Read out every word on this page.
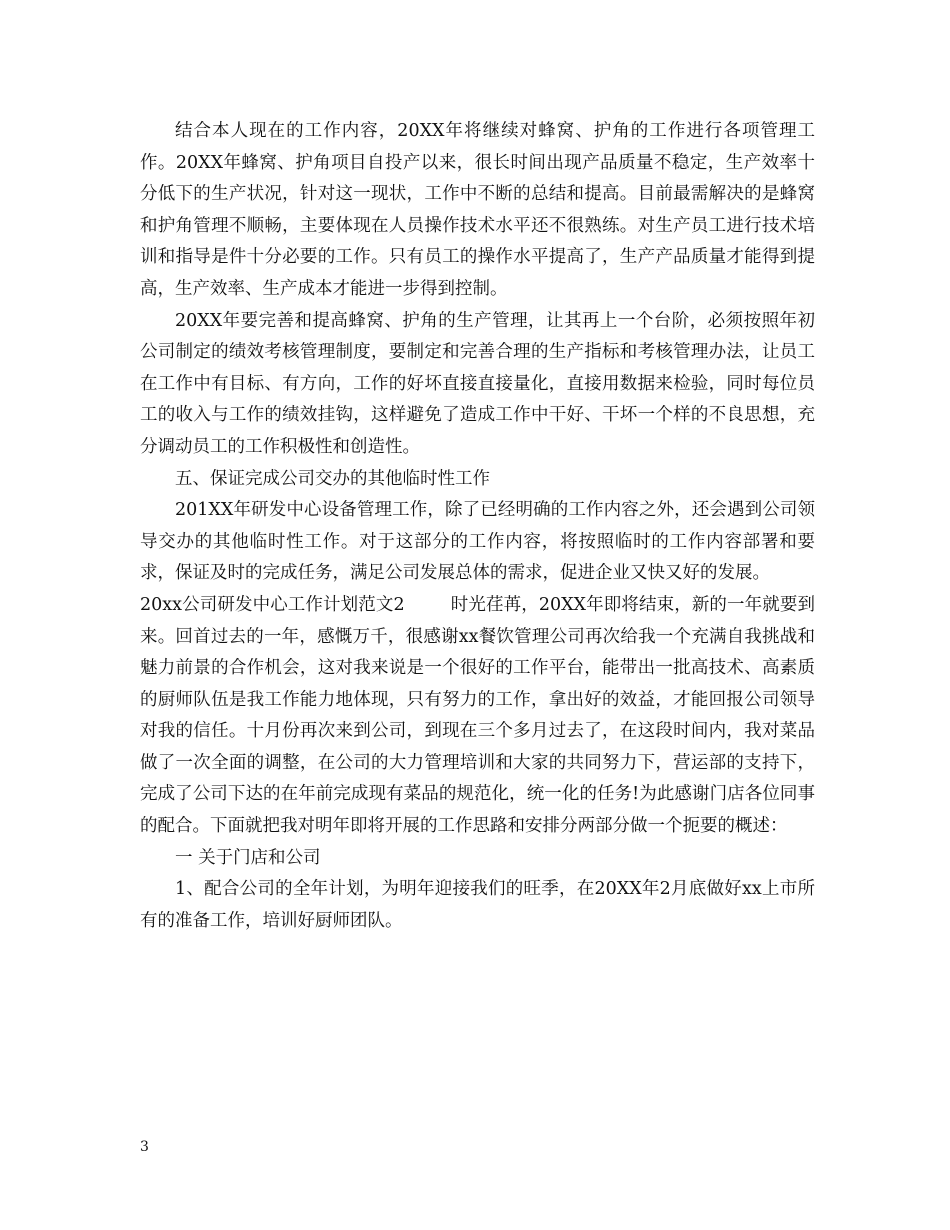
结合本人现在的工作内容，20XX年将继续对蜂窝、护角的工作进行各项管理工作。20XX年蜂窝、护角项目自投产以来，很长时间出现产品质量不稳定，生产效率十分低下的生产状况，针对这一现状，工作中不断的总结和提高。目前最需解决的是蜂窝和护角管理不顺畅，主要体现在人员操作技术水平还不很熟练。对生产员工进行技术培训和指导是件十分必要的工作。只有员工的操作水平提高了，生产产品质量才能得到提高，生产效率、生产成本才能进一步得到控制。

20XX年要完善和提高蜂窝、护角的生产管理，让其再上一个台阶，必须按照年初公司制定的绩效考核管理制度，要制定和完善合理的生产指标和考核管理办法，让员工在工作中有目标、有方向，工作的好坏直接直接量化，直接用数据来检验，同时每位员工的收入与工作的绩效挂钩，这样避免了造成工作中干好、干坏一个样的不良思想，充分调动员工的工作积极性和创造性。

五、保证完成公司交办的其他临时性工作

201XX年研发中心设备管理工作，除了已经明确的工作内容之外，还会遇到公司领导交办的其他临时性工作。对于这部分的工作内容，将按照临时的工作内容部署和要求，保证及时的完成任务，满足公司发展总体的需求，促进企业又快又好的发展。

20xx公司研发中心工作计划范文2	时光荏苒，20XX年即将结束，新的一年就要到来。回首过去的一年，感慨万千，很感谢xx餐饮管理公司再次给我一个充满自我挑战和魅力前景的合作机会，这对我来说是一个很好的工作平台，能带出一批高技术、高素质的厨师队伍是我工作能力地体现，只有努力的工作，拿出好的效益，才能回报公司领导对我的信任。十月份再次来到公司，到现在三个多月过去了，在这段时间内，我对菜品做了一次全面的调整，在公司的大力管理培训和大家的共同努力下，营运部的支持下，完成了公司下达的在年前完成现有菜品的规范化，统一化的任务!为此感谢门店各位同事的配合。下面就把我对明年即将开展的工作思路和安排分两部分做一个扼要的概述：

一 关于门店和公司

1、配合公司的全年计划，为明年迎接我们的旺季，在20XX年2月底做好xx上市所有的准备工作，培训好厨师团队。

3
